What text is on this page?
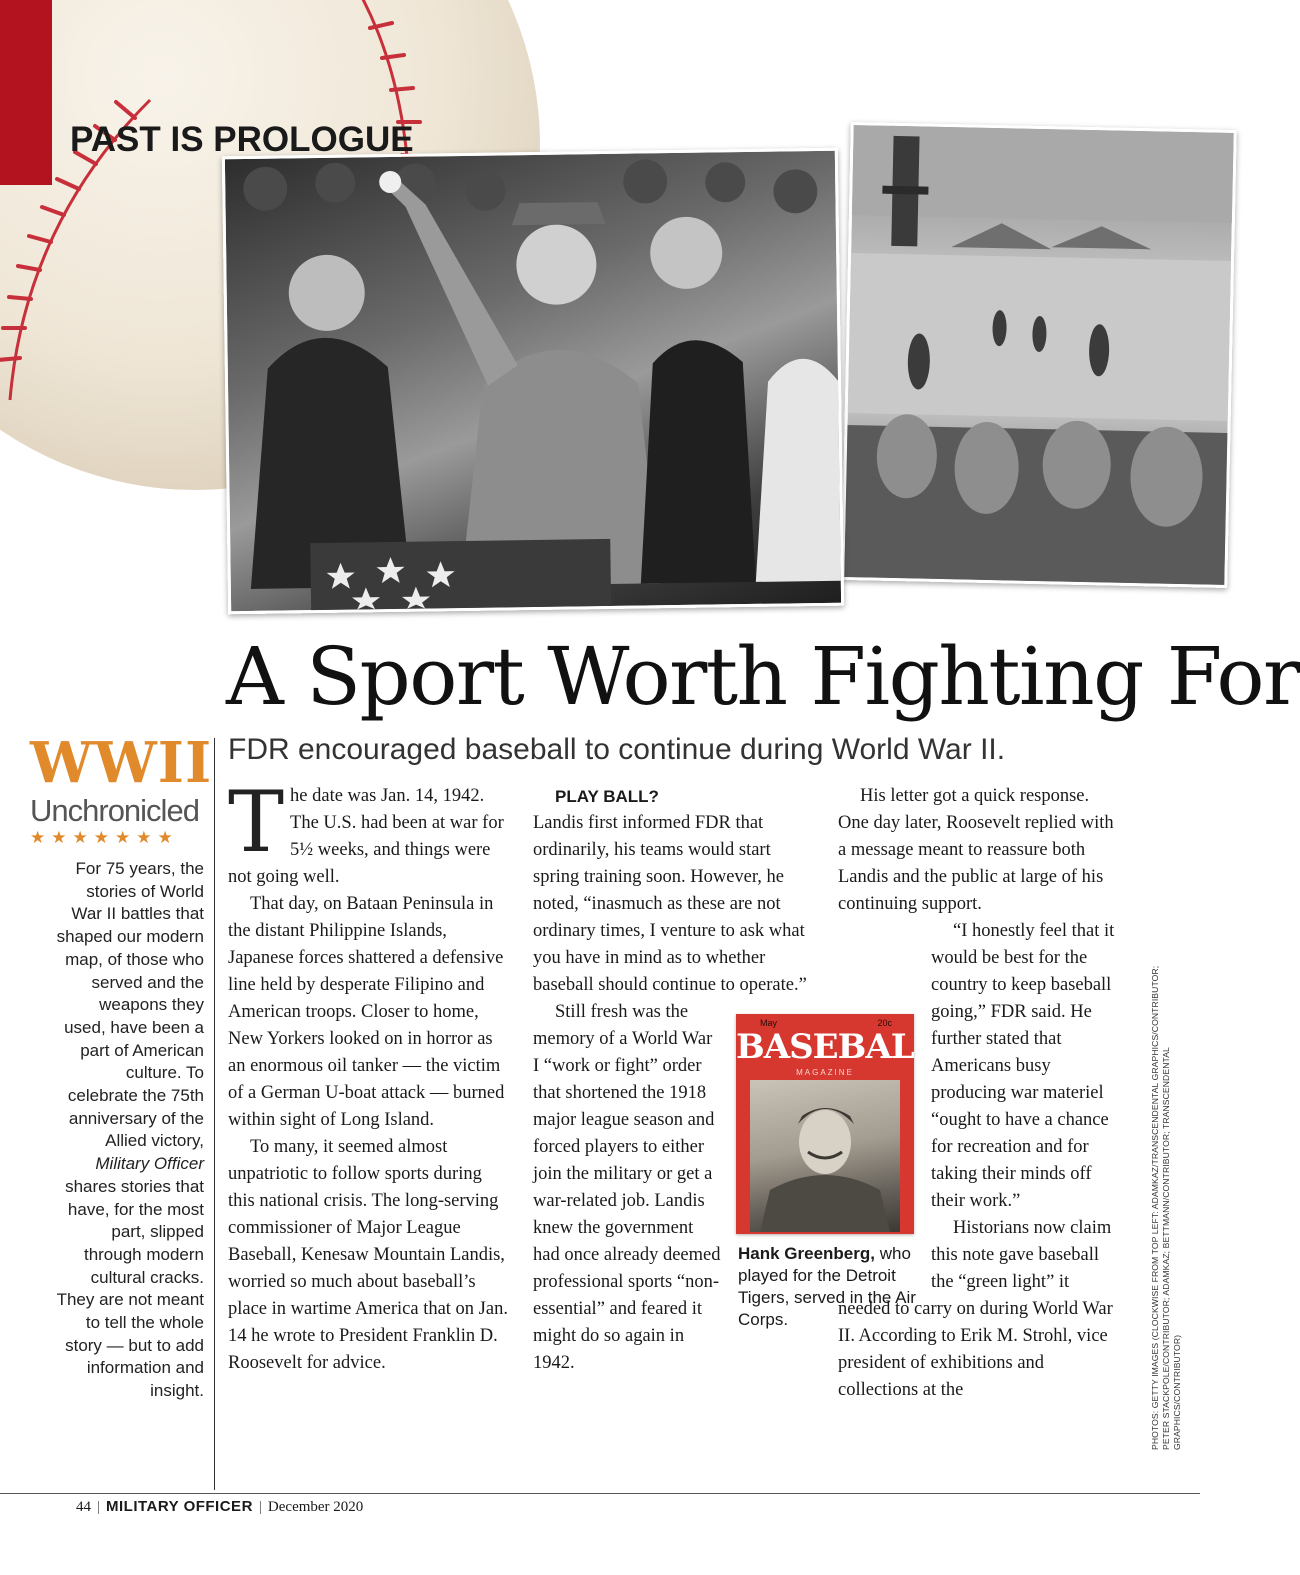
PAST IS PROLOGUE
A Sport Worth Fighting For

FDR encouraged baseball to continue during World War II.

WWII

Unchronicled

★★★★★★★

For 75 years, the stories of World War II battles that shaped our modern map, of those who served and the weapons they used, have been a part of American culture. To celebrate the 75th anniversary of the Allied victory, Military Officer shares stories that have, for the most part, slipped through modern cultural cracks. They are not meant to tell the whole story — but to add information and insight.

T he date was Jan. 14, 1942. The U.S. had been at war for 5½ weeks, and things were not going well.

That day, on Bataan Peninsula in the distant Philippine Islands, Japanese forces shattered a defensive line held by desperate Filipino and American troops. Closer to home, New Yorkers looked on in horror as an enormous oil tanker — the victim of a German U-boat attack — burned within sight of Long Island.

To many, it seemed almost unpatriotic to follow sports during this national crisis. The long-serving commissioner of Major League Baseball, Kenesaw Mountain Landis, worried so much about baseball’s place in wartime America that on Jan. 14 he wrote to President Franklin D. Roosevelt for advice.

PLAY BALL?

Landis first informed FDR that ordinarily, his teams would start spring training soon. However, he noted, “inasmuch as these are not ordinary times, I venture to ask what you have in mind as to whether baseball should continue to operate.”

Still fresh was the memory of a World War I “work or fight” order that shortened the 1918 major league season and forced players to either join the military or get a war-related job. Landis knew the government had once already deemed professional sports “non-essential” and feared it might do so again in 1942.

His letter got a quick response. One day later, Roosevelt replied with a message meant to reassure both Landis and the public at large of his continuing support.

“I honestly feel that it would be best for the country to keep baseball going,” FDR said. He further stated that Americans busy producing war materiel “ought to have a chance for recreation and for taking their minds off their work.”

Historians now claim this note gave baseball the “green light” it needed to carry on during World War II. According to Erik M. Strohl, vice president of exhibitions and collections at the

May	20c

BASEBALL

MAGAZINE

Hank Greenberg, who played for the Detroit Tigers, served in the Air Corps.	PHOTOS: GETTY IMAGES (CLOCKWISE FROM TOP LEFT: ADAMKAZ/TRANSCENDENTAL GRAPHICS/CONTRIBUTOR; PETER STACKPOLE/CONTRIBUTOR; ADAMKAZ; BETTMANN/CONTRIBUTOR; TRANSCENDENTAL GRAPHICS/CONTRIBUTOR)

44 | MILITARY OFFICER | December 2020
